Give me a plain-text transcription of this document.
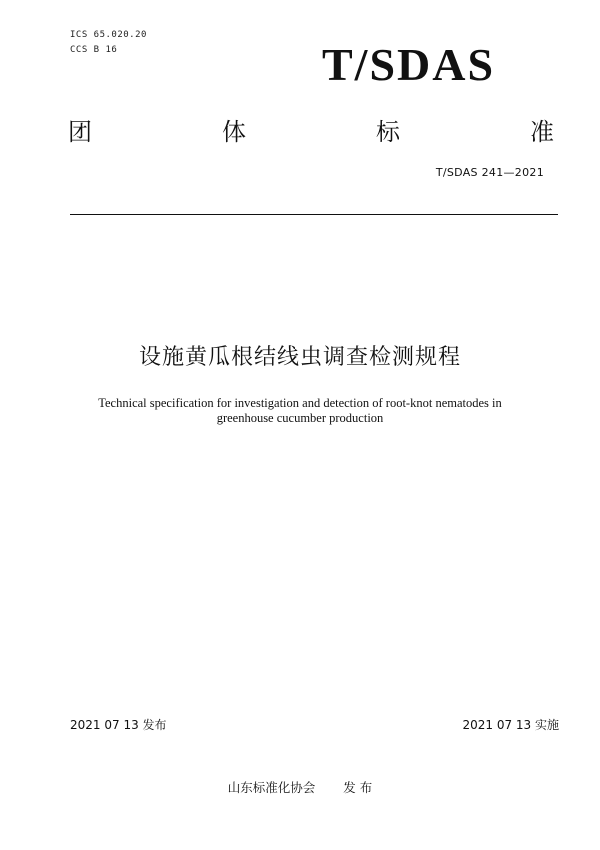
ICS 65.020.20
CCS B 16	T/SDAS
团	体	标	准
T/SDAS 241—2021
设施黄瓜根结线虫调查检测规程
Technical specification for investigation and detection of root-knot nematodes in
greenhouse cucumber production
2021 07 13 发布	2021 07 13 实施
山东标准化协会 发 布
